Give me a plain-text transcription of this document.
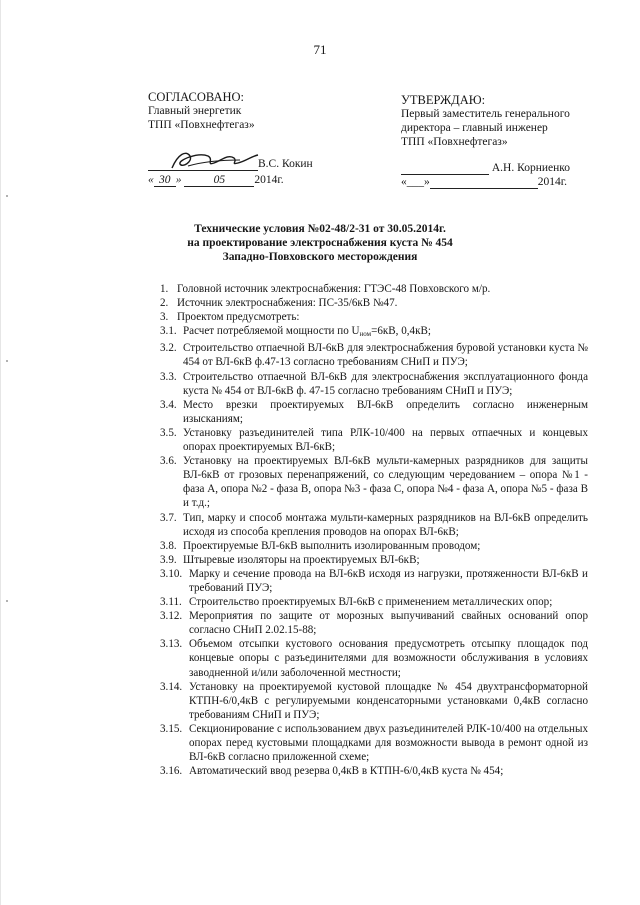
71
СОГЛАСОВАНО:
Главный энергетик
ТПП «Повхнефтегаз»
В.С. Кокин
« 30 »	05	2014г.
УТВЕРЖДАЮ:
Первый заместитель генерального
директора – главный инженер
ТПП «Повхнефтегаз»
А.Н. Корниенко
«___»	2014г.
Технические условия №02-48/2-31 от 30.05.2014г.
на проектирование электроснабжения куста № 454
Западно-Повховского месторождения
1. Головной источник электроснабжения: ГТЭС-48 Повховского м/р.
2. Источник электроснабжения: ПС-35/6кВ №47.
3. Проектом предусмотреть:
3.1. Расчет потребляемой мощности по $U_{ном}=6кВ$, 0,4кВ;
3.2. Строительство отпаечной ВЛ-6кВ для электроснабжения буровой установки куста № 454 от ВЛ-6кВ ф.47-13 согласно требованиям СНиП и ПУЭ;
3.3. Строительство отпаечной ВЛ-6кВ для электроснабжения эксплуатационного фонда куста № 454 от ВЛ-6кВ ф. 47-15 согласно требованиям СНиП и ПУЭ;
3.4. Место врезки проектируемых ВЛ-6кВ определить согласно инженерным изысканиям;
3.5. Установку разъединителей типа РЛК-10/400 на первых отпаечных и концевых опорах проектируемых ВЛ-6кВ;
3.6. Установку на проектируемых ВЛ-6кВ мульти-камерных разрядников для защиты ВЛ-6кВ от грозовых перенапряжений, со следующим чередованием – опора №1 - фаза А, опора №2 - фаза В, опора №3 - фаза С, опора №4 - фаза А, опора №5 - фаза В и т.д.;
3.7. Тип, марку и способ монтажа мульти-камерных разрядников на ВЛ-6кВ определить исходя из способа крепления проводов на опорах ВЛ-6кВ;
3.8. Проектируемые ВЛ-6кВ выполнить изолированным проводом;
3.9. Штыревые изоляторы на проектируемых ВЛ-6кВ;
3.10. Марку и сечение провода на ВЛ-6кВ исходя из нагрузки, протяженности ВЛ-6кВ и требований ПУЭ;
3.11. Строительство проектируемых ВЛ-6кВ с применением металлических опор;
3.12. Мероприятия по защите от морозных выпучиваний свайных оснований опор согласно СНиП 2.02.15-88;
3.13. Объемом отсыпки кустового основания предусмотреть отсыпку площадок под концевые опоры с разъединителями для возможности обслуживания в условиях заводненной и/или заболоченной местности;
3.14. Установку на проектируемой кустовой площадке № 454 двухтрансформаторной КТПН-6/0,4кВ с регулируемыми конденсаторными установками 0,4кВ согласно требованиям СНиП и ПУЭ;
3.15. Секционирование с использованием двух разъединителей РЛК-10/400 на отдельных опорах перед кустовыми площадками для возможности вывода в ремонт одной из ВЛ-6кВ согласно приложенной схеме;
3.16. Автоматический ввод резерва 0,4кВ в КТПН-6/0,4кВ куста № 454;
